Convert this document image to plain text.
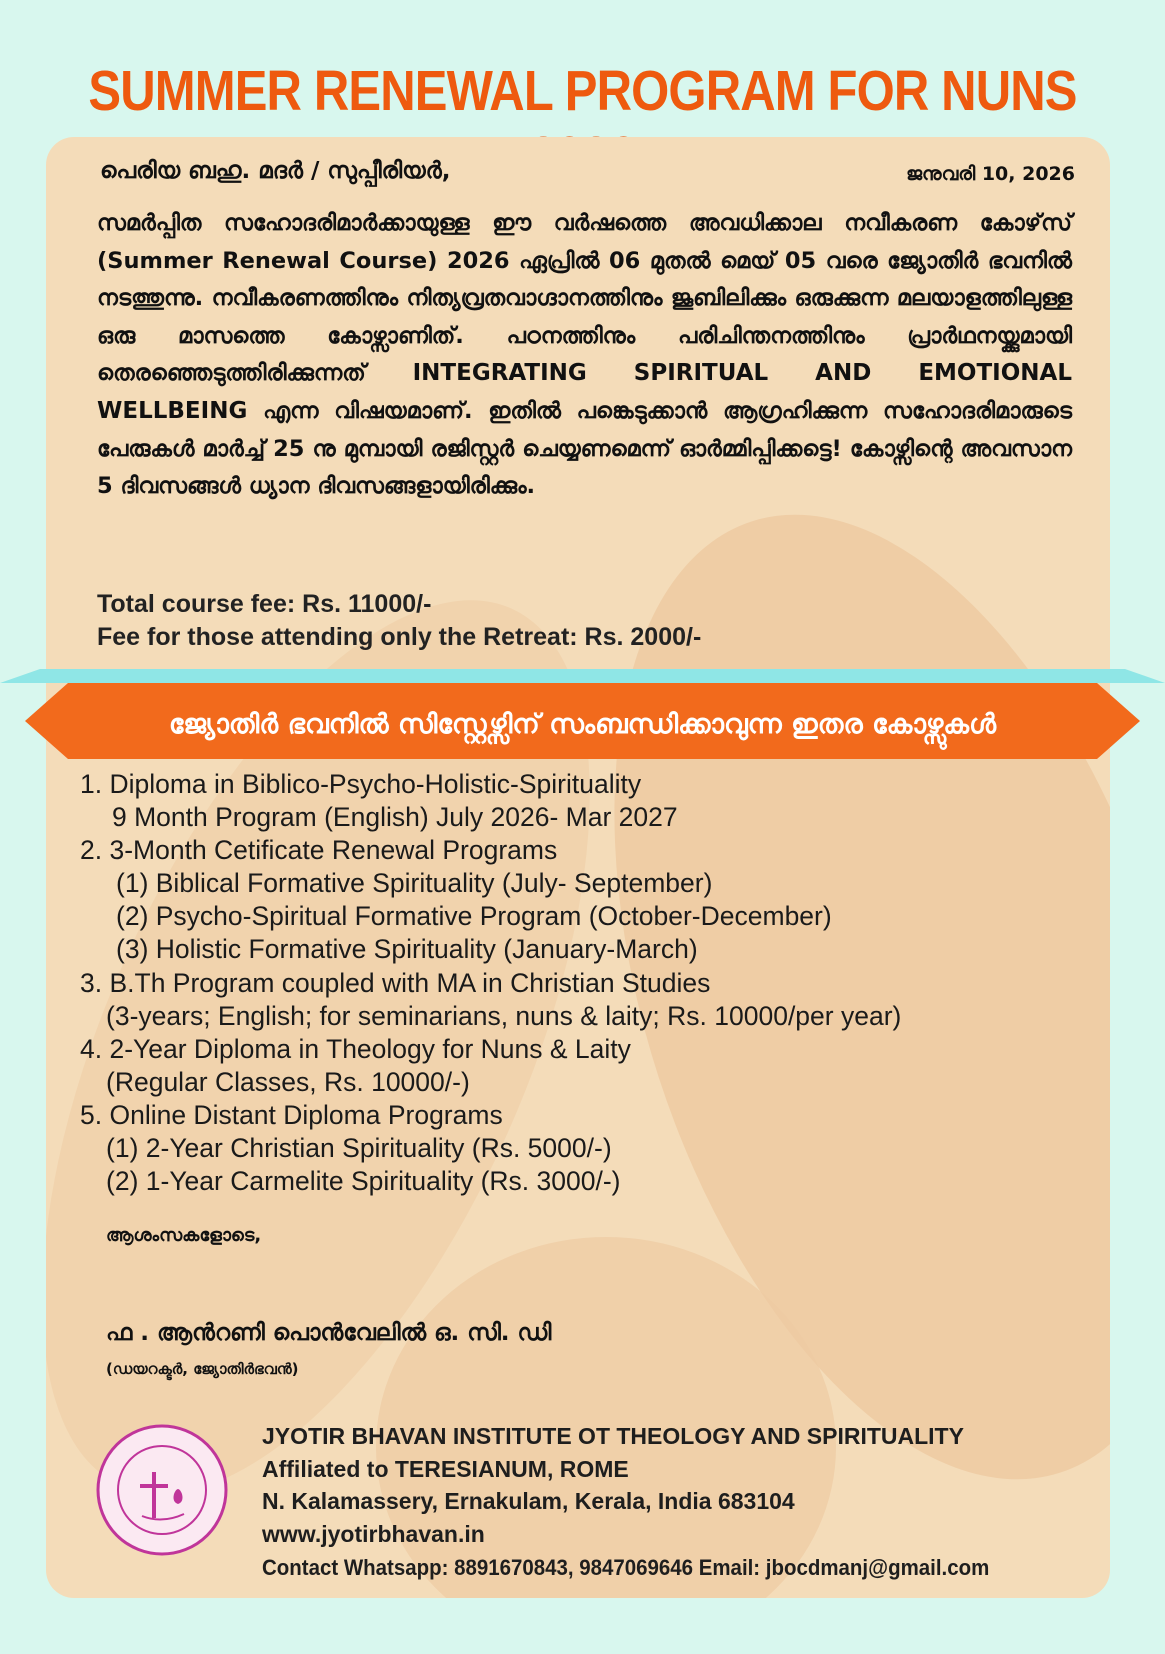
SUMMER RENEWAL PROGRAM FOR NUNS
പെരിയ ബഹു. മദർ / സുപ്പീരിയർ,	ജനുവരി 10, 2026
സമർപ്പിത സഹോദരിമാർക്കായുള്ള ഈ വർഷത്തെ അവധിക്കാല നവീകരണ കോഴ്‌സ് (Summer Renewal Course) 2026 ഏപ്രിൽ 06 മുതൽ മെയ് 05 വരെ ജ്യോതിർ ഭവനിൽ നടത്തുന്നു. നവീകരണത്തിനും നിത്യവ്രതവാഗ്ദാനത്തിനും ജൂബിലിക്കും ഒരുക്കുന്ന മലയാളത്തിലുള്ള ഒരു മാസത്തെ കോഴ്സാണിത്. പഠനത്തിനും പരിചിന്തനത്തിനും പ്രാർഥനയ്ക്കുമായി തെരഞ്ഞെടുത്തിരിക്കുന്നത് INTEGRATING SPIRITUAL AND EMOTIONAL WELLBEING എന്ന വിഷയമാണ്. ഇതിൽ പങ്കെടുക്കാൻ ആഗ്രഹിക്കുന്ന സഹോദരിമാരുടെ പേരുകൾ മാർച്ച് 25 നു മുമ്പായി രജിസ്റ്റർ ചെയ്യണമെന്ന് ഓർമ്മിപ്പിക്കട്ടെ! കോഴ്സിന്റെ അവസാന 5 ദിവസങ്ങൾ ധ്യാന ദിവസങ്ങളായിരിക്കും.
Total course fee: Rs. 11000/-
Fee for those attending only the Retreat: Rs. 2000/-
ജ്യോതിർ ഭവനിൽ സിസ്റ്റേഴ്സിന് സംബന്ധിക്കാവുന്ന ഇതര കോഴ്സുകൾ
1. Diploma in Biblico-Psycho-Holistic-Spirituality
9 Month Program (English) July 2026- Mar 2027
2. 3-Month Cetificate Renewal Programs
(1) Biblical Formative Spirituality (July- September)
(2) Psycho-Spiritual Formative Program (October-December)
(3) Holistic Formative Spirituality (January-March)
3. B.Th Program coupled with MA in Christian Studies
(3-years; English; for seminarians, nuns & laity; Rs. 10000/per year)
4. 2-Year Diploma in Theology for Nuns & Laity
(Regular Classes, Rs. 10000/-)
5. Online Distant Diploma Programs
(1) 2-Year Christian Spirituality (Rs. 5000/-)
(2) 1-Year Carmelite Spirituality (Rs. 3000/-)
ആശംസകളോടെ,
ഫ . ആൻറണി പൊൻവേലിൽ ഒ. സി. ഡി
(ഡയറക്ടർ, ജ്യോതിർഭവൻ)
JYOTIR BHAVAN INSTITUTE OT THEOLOGY AND SPIRITUALITY
Affiliated to TERESIANUM, ROME
N. Kalamassery, Ernakulam, Kerala, India 683104
www.jyotirbhavan.in
Contact Whatsapp: 8891670843, 9847069646 Email: jbocdmanj@gmail.com
